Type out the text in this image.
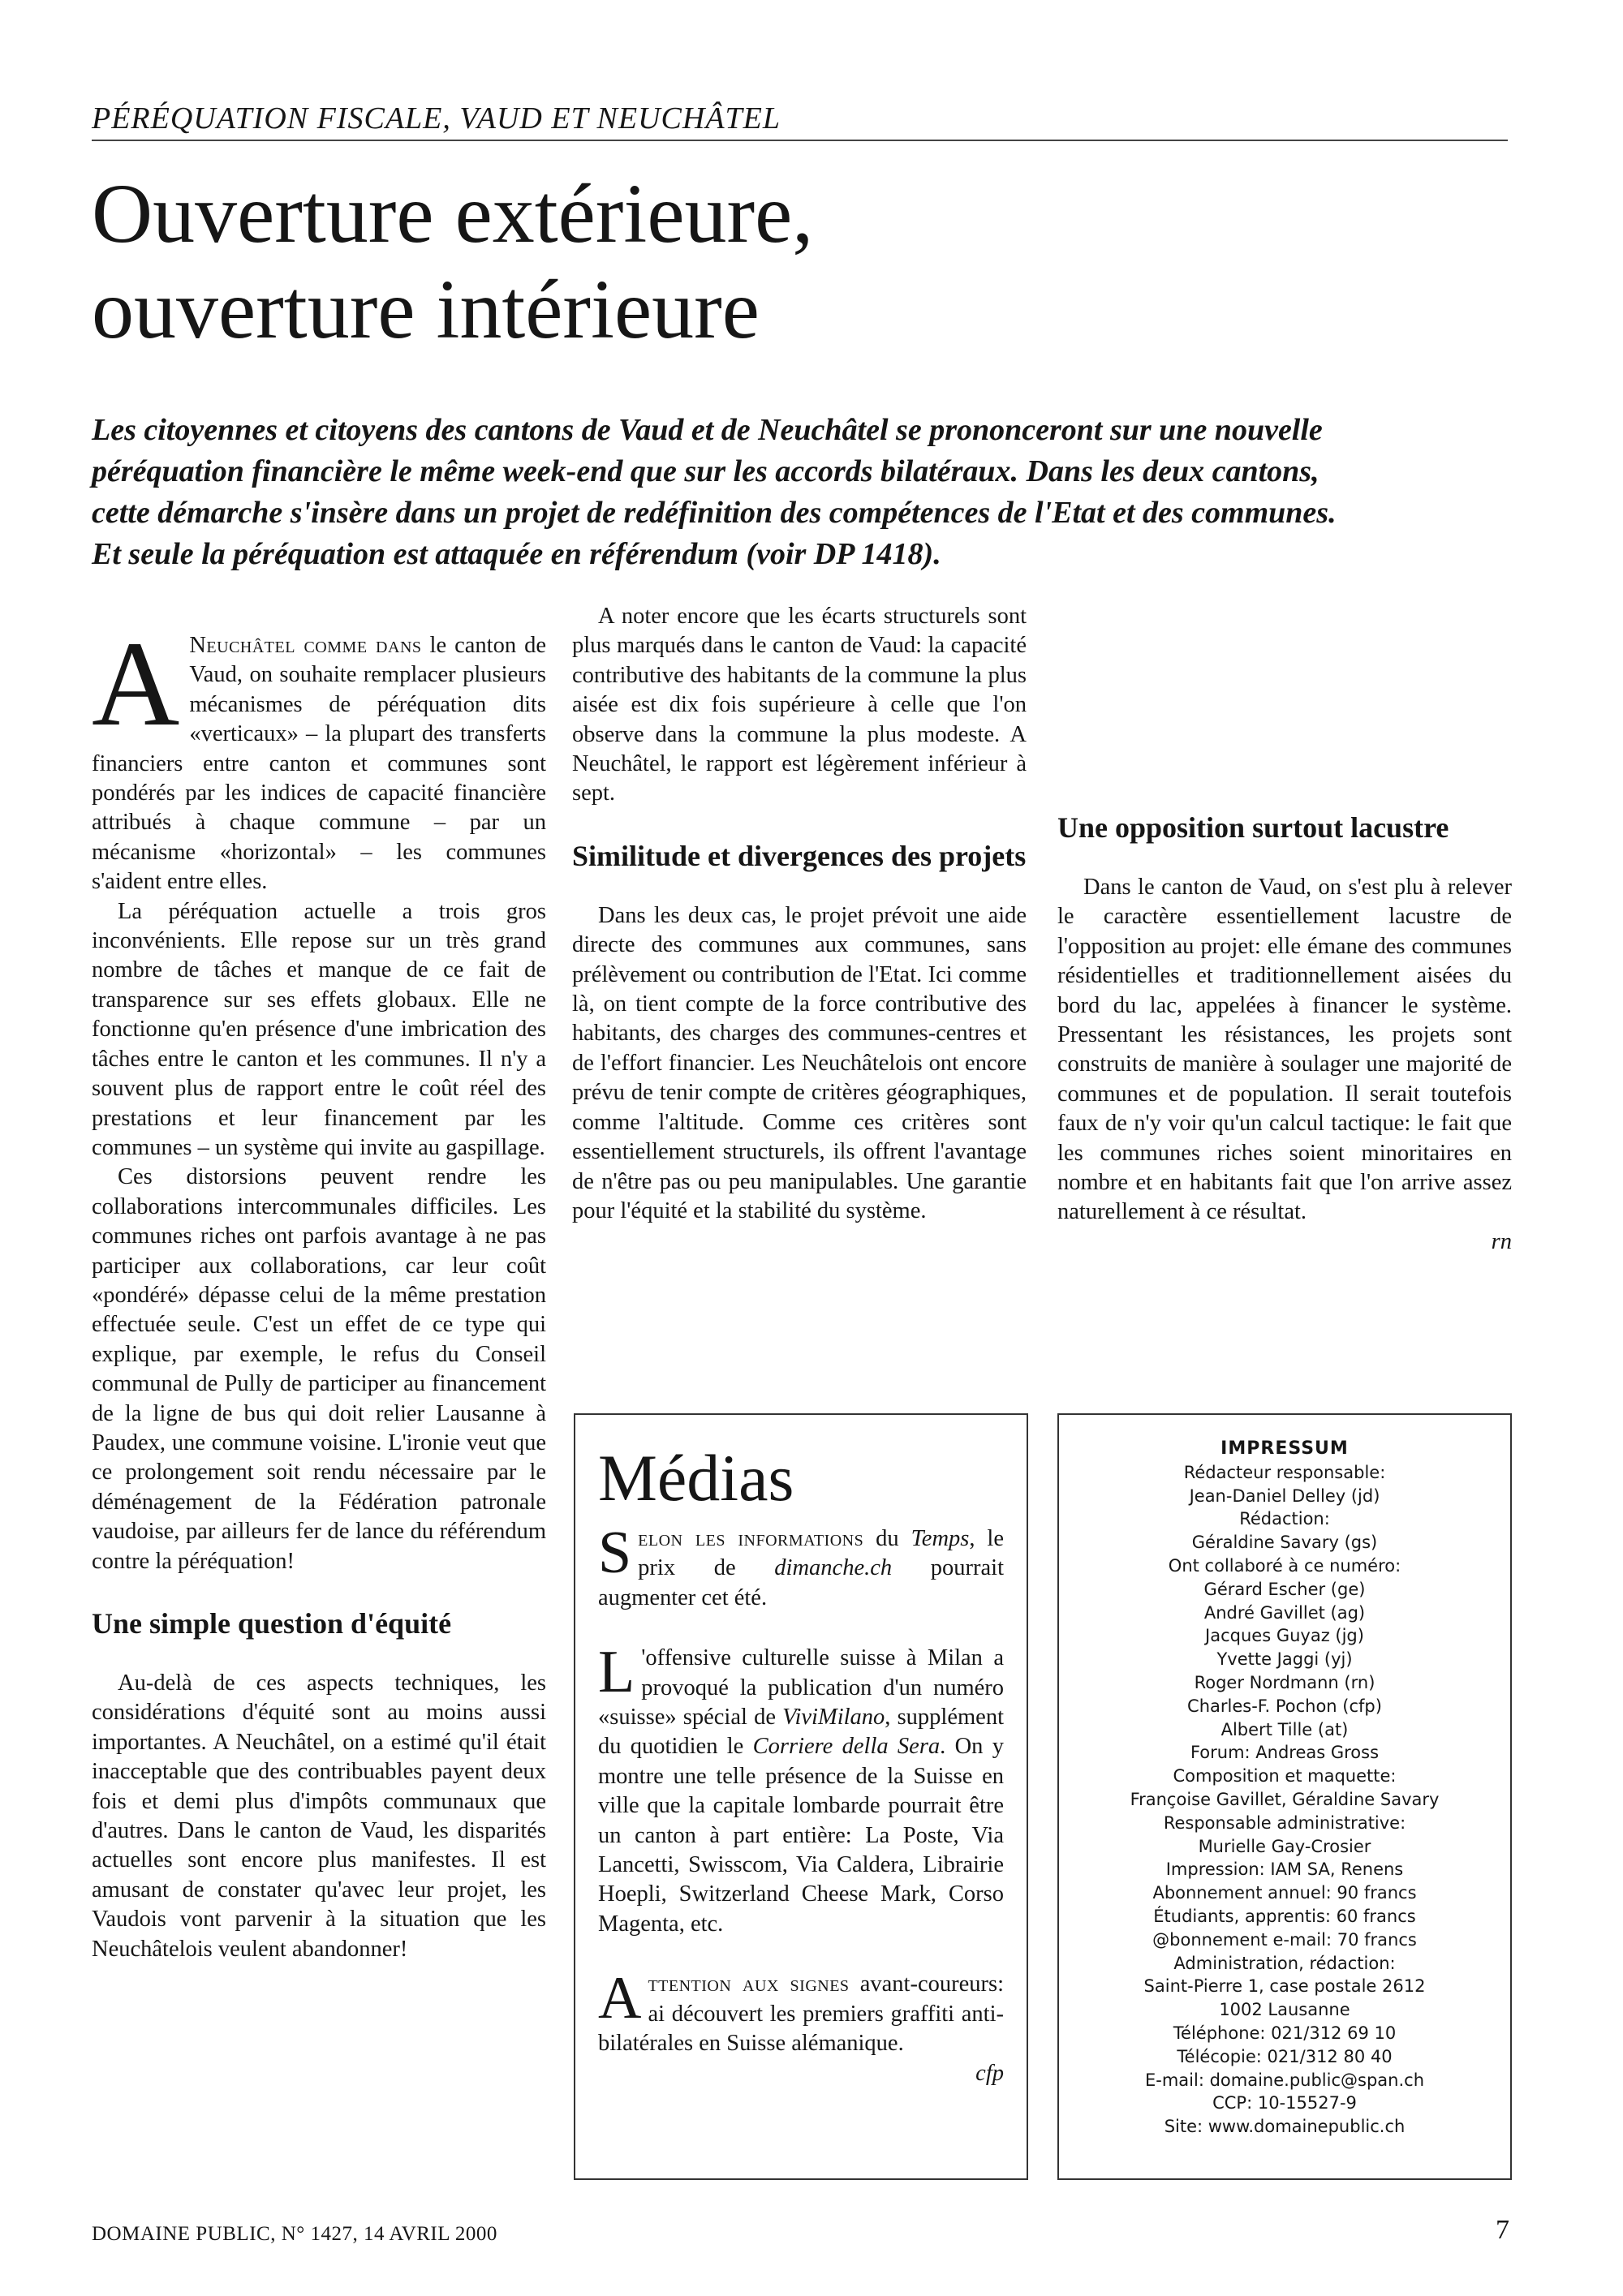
PÉRÉQUATION FISCALE, VAUD ET NEUCHÂTEL
Ouverture extérieure,
ouverture intérieure

Les citoyennes et citoyens des cantons de Vaud et de Neuchâtel se prononceront sur une nouvelle péréquation financière le même week-end que sur les accords bilatéraux. Dans les deux cantons, cette démarche s'insère dans un projet de redéfinition des compétences de l'Etat et des communes. Et seule la péréquation est attaquée en référendum (voir DP 1418).

A Neuchâtel comme dans le canton de Vaud, on souhaite remplacer plusieurs mécanismes de péréquation dits «verticaux» – la plupart des transferts financiers entre canton et communes sont pondérés par les indices de capacité financière attribués à chaque commune – par un mécanisme «horizontal» – les communes s'aident entre elles.

La péréquation actuelle a trois gros inconvénients. Elle repose sur un très grand nombre de tâches et manque de ce fait de transparence sur ses effets globaux. Elle ne fonctionne qu'en présence d'une imbrication des tâches entre le canton et les communes. Il n'y a souvent plus de rapport entre le coût réel des prestations et leur financement par les communes – un système qui invite au gaspillage.

Ces distorsions peuvent rendre les collaborations intercommunales difficiles. Les communes riches ont parfois avantage à ne pas participer aux collaborations, car leur coût «pondéré» dépasse celui de la même prestation effectuée seule. C'est un effet de ce type qui explique, par exemple, le refus du Conseil communal de Pully de participer au financement de la ligne de bus qui doit relier Lausanne à Paudex, une commune voisine. L'ironie veut que ce prolongement soit rendu nécessaire par le déménagement de la Fédération patronale vaudoise, par ailleurs fer de lance du référendum contre la péréquation!

Une simple question d'équité

Au-delà de ces aspects techniques, les considérations d'équité sont au moins aussi importantes. A Neuchâtel, on a estimé qu'il était inacceptable que des contribuables payent deux fois et demi plus d'impôts communaux que d'autres. Dans le canton de Vaud, les disparités actuelles sont encore plus manifestes. Il est amusant de constater qu'avec leur projet, les Vaudois vont parvenir à la situation que les Neuchâtelois veulent abandonner!

A noter encore que les écarts structurels sont plus marqués dans le canton de Vaud: la capacité contributive des habitants de la commune la plus aisée est dix fois supérieure à celle que l'on observe dans la commune la plus modeste. A Neuchâtel, le rapport est légèrement inférieur à sept.

Similitude et divergences des projets

Dans les deux cas, le projet prévoit une aide directe des communes aux communes, sans prélèvement ou contribution de l'Etat. Ici comme là, on tient compte de la force contributive des habitants, des charges des communes-centres et de l'effort financier. Les Neuchâtelois ont encore prévu de tenir compte de critères géographiques, comme l'altitude. Comme ces critères sont essentiellement structurels, ils offrent l'avantage de n'être pas ou peu manipulables. Une garantie pour l'équité et la stabilité du système.

Une opposition surtout lacustre

Dans le canton de Vaud, on s'est plu à relever le caractère essentiellement lacustre de l'opposition au projet: elle émane des communes résidentielles et traditionnellement aisées du bord du lac, appelées à financer le système. Pressentant les résistances, les projets sont construits de manière à soulager une majorité de communes et de population. Il serait toutefois faux de n'y voir qu'un calcul tactique: le fait que les communes riches soient minoritaires en nombre et en habitants fait que l'on arrive assez naturellement à ce résultat.

rn

Médias

Selon les informations du Temps, le prix de dimanche.ch pourrait augmenter cet été.

L 'offensive culturelle suisse à Milan a provoqué la publication d'un numéro «suisse» spécial de ViviMilano, supplément du quotidien le Corriere della Sera. On y montre une telle présence de la Suisse en ville que la capitale lombarde pourrait être un canton à part entière: La Poste, Via Lancetti, Swisscom, Via Caldera, Librairie Hoepli, Switzerland Cheese Mark, Corso Magenta, etc.

Attention aux signes avant-coureurs: ai découvert les premiers graffiti anti-bilatérales en Suisse alémanique.

cfp

IMPRESSUM
Rédacteur responsable:
Jean-Daniel Delley (jd)
Rédaction:
Géraldine Savary (gs)
Ont collaboré à ce numéro:
Gérard Escher (ge)
André Gavillet (ag)
Jacques Guyaz (jg)
Yvette Jaggi (yj)
Roger Nordmann (rn)
Charles-F. Pochon (cfp)
Albert Tille (at)
Forum: Andreas Gross
Composition et maquette:
Françoise Gavillet, Géraldine Savary
Responsable administrative:
Murielle Gay-Crosier
Impression: IAM SA, Renens
Abonnement annuel: 90 francs
Étudiants, apprentis: 60 francs
@bonnement e-mail: 70 francs
Administration, rédaction:
Saint-Pierre 1, case postale 2612
1002 Lausanne
Téléphone: 021/312 69 10
Télécopie: 021/312 80 40
E-mail: domaine.public@span.ch
CCP: 10-15527-9
Site: www.domainepublic.ch
DOMAINE PUBLIC, N° 1427, 14 AVRIL 2000	7
